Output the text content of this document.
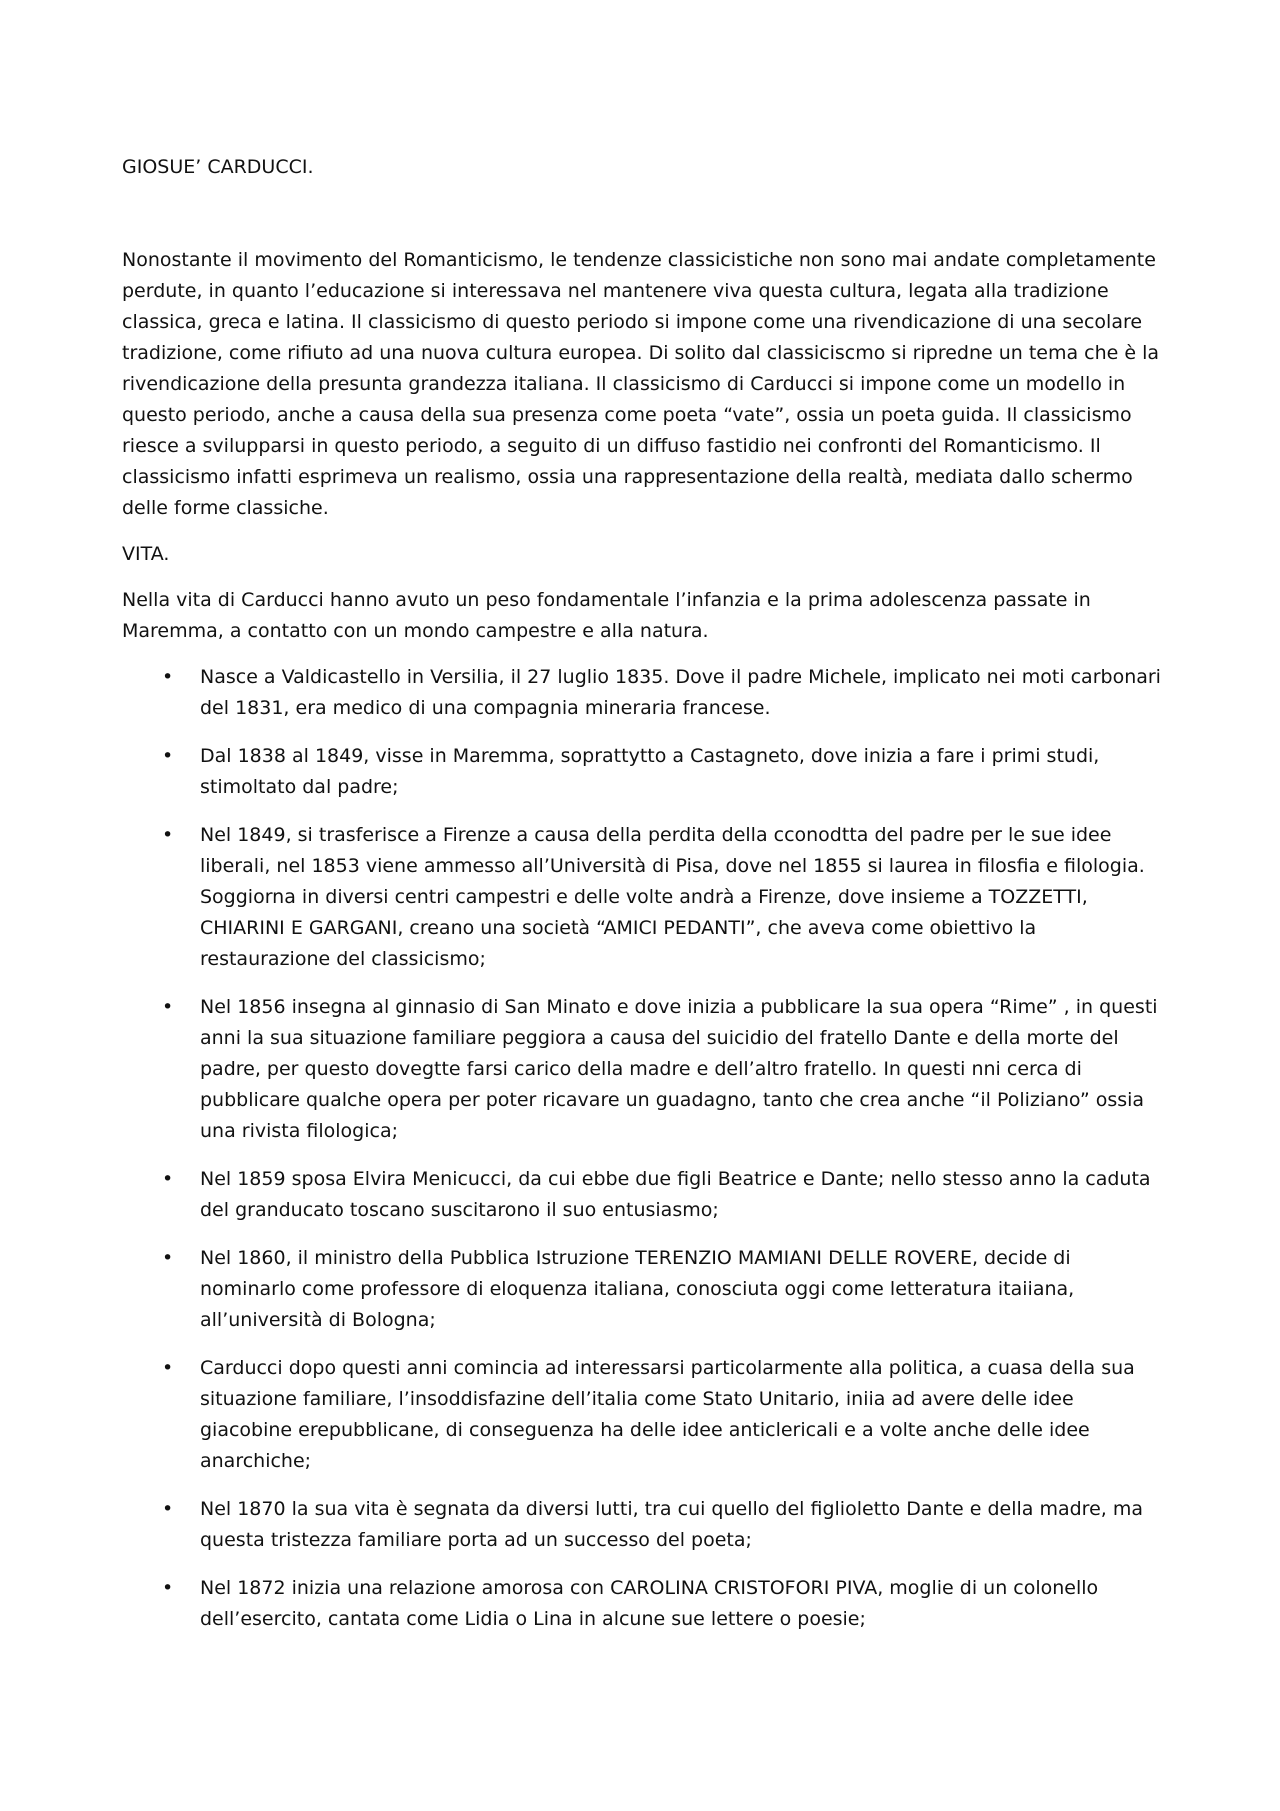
GIOSUE’ CARDUCCI.

Nonostante il movimento del Romanticismo, le tendenze classicistiche non sono mai andate completamente perdute, in quanto l’educazione si interessava nel mantenere viva questa cultura, legata alla tradizione classica, greca e latina. Il classicismo di questo periodo si impone come una rivendicazione di una secolare tradizione, come rifiuto ad una nuova cultura europea. Di solito dal classiciscmo si ripredne un tema che è la rivendicazione della presunta grandezza italiana. Il classicismo di Carducci si impone come un modello in questo periodo, anche a causa della sua presenza come poeta “vate”, ossia un poeta guida. Il classicismo riesce a svilupparsi in questo periodo, a seguito di un diffuso fastidio nei confronti del Romanticismo. Il classicismo infatti esprimeva un realismo, ossia una rappresentazione della realtà, mediata dallo schermo delle forme classiche.

VITA.

Nella vita di Carducci hanno avuto un peso fondamentale l’infanzia e la prima adolescenza passate in Maremma, a contatto con un mondo campestre e alla natura.

• Nasce a Valdicastello in Versilia, il 27 luglio 1835. Dove il padre Michele, implicato nei moti carbonari del 1831, era medico di una compagnia mineraria francese.
• Dal 1838 al 1849, visse in Maremma, soprattytto a Castagneto, dove inizia a fare i primi studi, stimoltato dal padre;
• Nel 1849, si trasferisce a Firenze a causa della perdita della cconodtta del padre per le sue idee liberali, nel 1853 viene ammesso all’Università di Pisa, dove nel 1855 si laurea in filosfia e filologia. Soggiorna in diversi centri campestri e delle volte andrà a Firenze, dove insieme a TOZZETTI, CHIARINI E GARGANI, creano una società “AMICI PEDANTI”, che aveva come obiettivo la restaurazione del classicismo;
• Nel 1856 insegna al ginnasio di San Minato e dove inizia a pubblicare la sua opera “Rime” , in questi anni la sua situazione familiare peggiora a causa del suicidio del fratello Dante e della morte del padre, per questo dovegtte farsi carico della madre e dell’altro fratello. In questi nni cerca di pubblicare qualche opera per poter ricavare un guadagno, tanto che crea anche “il Poliziano” ossia una rivista filologica;
• Nel 1859 sposa Elvira Menicucci, da cui ebbe due figli Beatrice e Dante; nello stesso anno la caduta del granducato toscano suscitarono il suo entusiasmo;
• Nel 1860, il ministro della Pubblica Istruzione TERENZIO MAMIANI DELLE ROVERE, decide di nominarlo come professore di eloquenza italiana, conosciuta oggi come letteratura itaiiana, all’università di Bologna;
• Carducci dopo questi anni comincia ad interessarsi particolarmente alla politica, a cuasa della sua situazione familiare, l’insoddisfazine dell’italia come Stato Unitario, iniia ad avere delle idee giacobine erepubblicane, di conseguenza ha delle idee anticlericali e a volte anche delle idee anarchiche;
• Nel 1870 la sua vita è segnata da diversi lutti, tra cui quello del figlioletto Dante e della madre, ma questa tristezza familiare porta ad un successo del poeta;
• Nel 1872 inizia una relazione amorosa con CAROLINA CRISTOFORI PIVA, moglie di un colonello dell’esercito, cantata come Lidia o Lina in alcune sue lettere o poesie;
